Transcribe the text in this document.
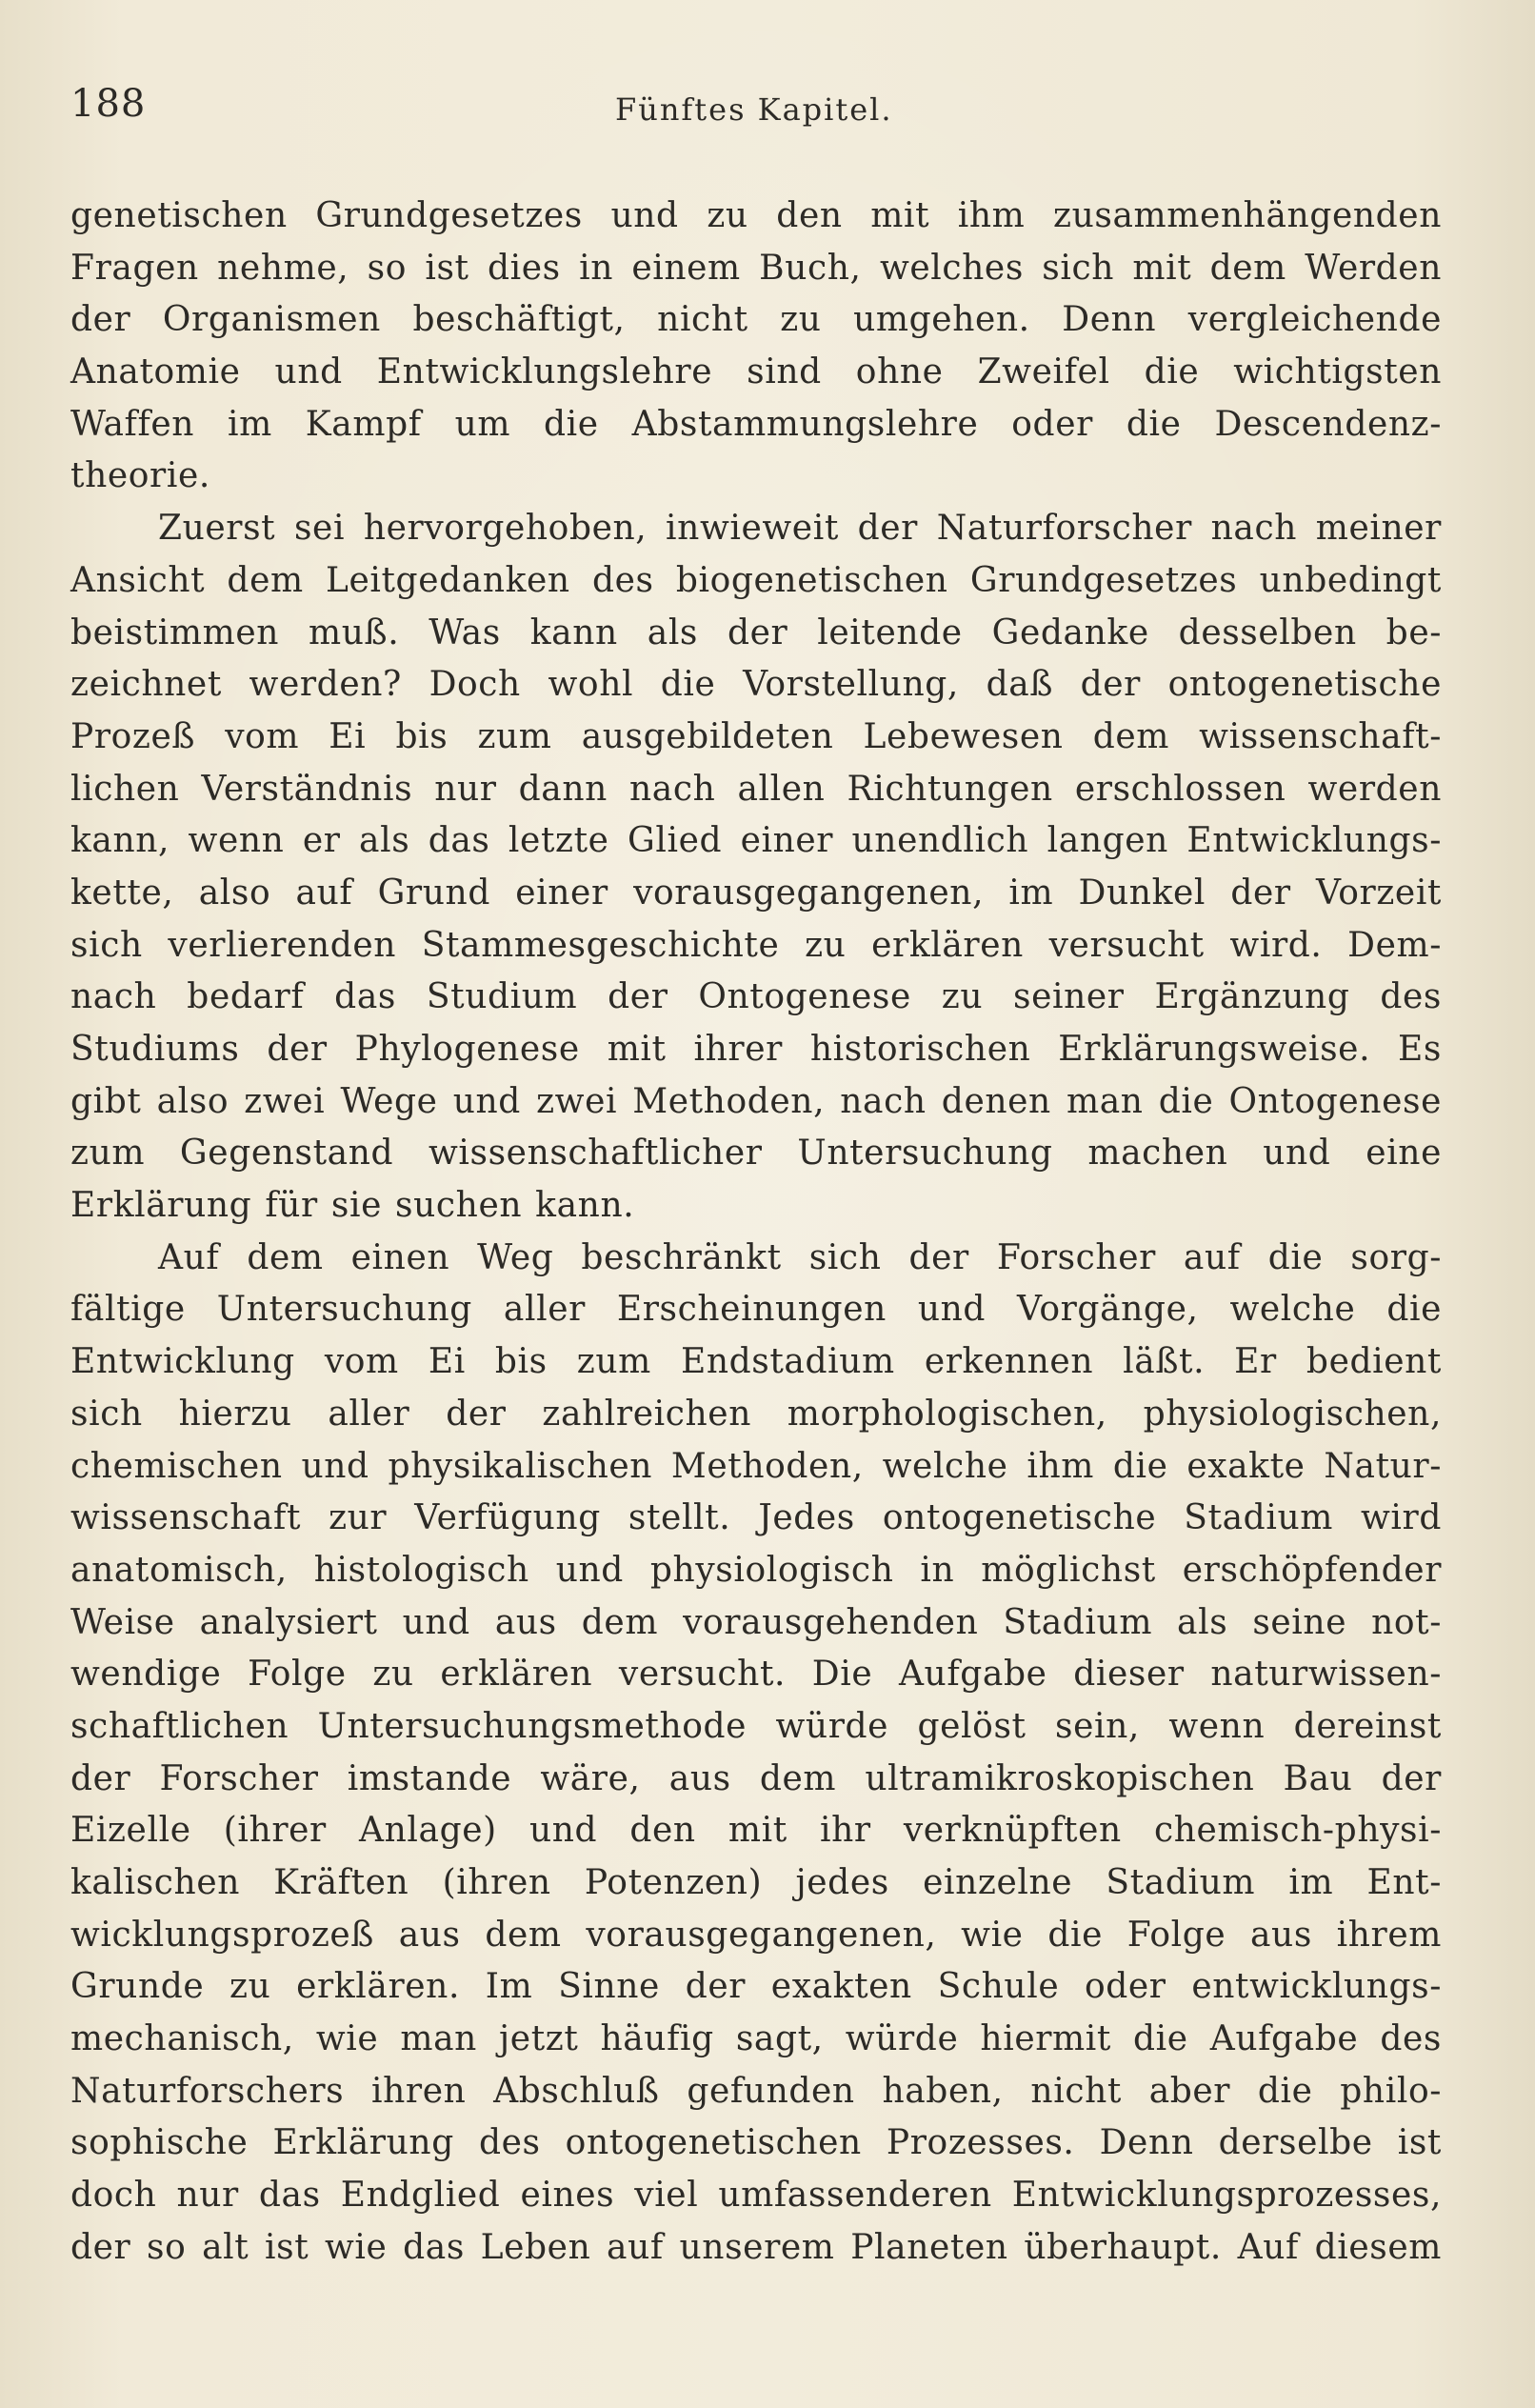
188	Fünftes Kapitel.
genetischen Grundgesetzes und zu den mit ihm zusammenhängenden
Fragen nehme, so ist dies in einem Buch, welches sich mit dem Werden
der Organismen beschäftigt, nicht zu umgehen. Denn vergleichende
Anatomie und Entwicklungslehre sind ohne Zweifel die wichtigsten
Waffen im Kampf um die Abstammungslehre oder die Descendenz-
theorie.
Zuerst sei hervorgehoben, inwieweit der Naturforscher nach meiner
Ansicht dem Leitgedanken des biogenetischen Grundgesetzes unbedingt
beistimmen muß. Was kann als der leitende Gedanke desselben be-
zeichnet werden? Doch wohl die Vorstellung, daß der ontogenetische
Prozeß vom Ei bis zum ausgebildeten Lebewesen dem wissenschaft-
lichen Verständnis nur dann nach allen Richtungen erschlossen werden
kann, wenn er als das letzte Glied einer unendlich langen Entwicklungs-
kette, also auf Grund einer vorausgegangenen, im Dunkel der Vorzeit
sich verlierenden Stammesgeschichte zu erklären versucht wird. Dem-
nach bedarf das Studium der Ontogenese zu seiner Ergänzung des
Studiums der Phylogenese mit ihrer historischen Erklärungsweise. Es
gibt also zwei Wege und zwei Methoden, nach denen man die Ontogenese
zum Gegenstand wissenschaftlicher Untersuchung machen und eine
Erklärung für sie suchen kann.
Auf dem einen Weg beschränkt sich der Forscher auf die sorg-
fältige Untersuchung aller Erscheinungen und Vorgänge, welche die
Entwicklung vom Ei bis zum Endstadium erkennen läßt. Er bedient
sich hierzu aller der zahlreichen morphologischen, physiologischen,
chemischen und physikalischen Methoden, welche ihm die exakte Natur-
wissenschaft zur Verfügung stellt. Jedes ontogenetische Stadium wird
anatomisch, histologisch und physiologisch in möglichst erschöpfender
Weise analysiert und aus dem vorausgehenden Stadium als seine not-
wendige Folge zu erklären versucht. Die Aufgabe dieser naturwissen-
schaftlichen Untersuchungsmethode würde gelöst sein, wenn dereinst
der Forscher imstande wäre, aus dem ultramikroskopischen Bau der
Eizelle (ihrer Anlage) und den mit ihr verknüpften chemisch-physi-
kalischen Kräften (ihren Potenzen) jedes einzelne Stadium im Ent-
wicklungsprozeß aus dem vorausgegangenen, wie die Folge aus ihrem
Grunde zu erklären. Im Sinne der exakten Schule oder entwicklungs-
mechanisch, wie man jetzt häufig sagt, würde hiermit die Aufgabe des
Naturforschers ihren Abschluß gefunden haben, nicht aber die philo-
sophische Erklärung des ontogenetischen Prozesses. Denn derselbe ist
doch nur das Endglied eines viel umfassenderen Entwicklungsprozesses,
der so alt ist wie das Leben auf unserem Planeten überhaupt. Auf diesem
